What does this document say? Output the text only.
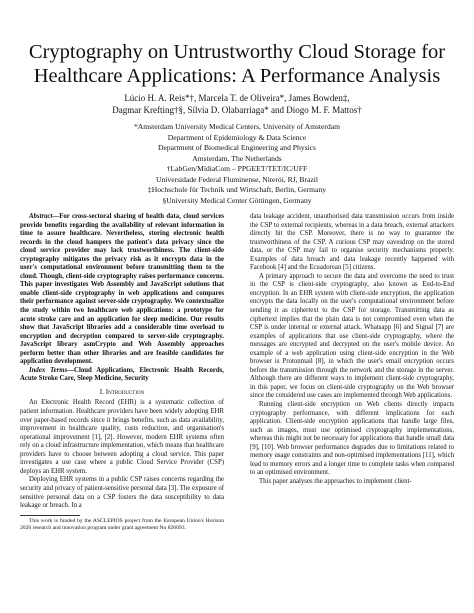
Cryptography on Untrustworthy Cloud Storage for Healthcare Applications: A Performance Analysis
Lúcio H. A. Reis*†, Marcela T. de Oliveira*, James Bowden‡,
Dagmar Krefting†§, Sílvia D. Olabarriaga* and Diogo M. F. Mattos†
*Amsterdam University Medical Centers, University of Amsterdam
Department of Epidemiology & Data Science
Department of Biomedical Engineering and Physics
Amsterdam, The Netherlands
†LabGen/MídiaCom – PPGEET/TET/IC/UFF
Universidade Federal Fluminense, Niterói, RJ, Brazil
‡Hochschule für Technik und Wirtschaft, Berlin, Germany
§University Medical Center Göttingen, Germany

Abstract—For cross-sectoral sharing of health data, cloud services provide benefits regarding the availability of relevant information in time to assure healthcare. Nevertheless, storing electronic health records in the cloud hampers the patient's data privacy since the cloud service provider may lack trustworthiness. The client-side cryptography mitigates the privacy risk as it encrypts data in the user's computational environment before transmitting them to the cloud. Though, client-side cryptography raises performance concerns. This paper investigates Web Assembly and JavaScript solutions that enable client-side cryptography in web applications and compares their performance against server-side cryptography. We contextualize the study within two healthcare web applications: a prototype for acute stroke care and an application for sleep medicine. Our results show that JavaScript libraries add a considerable time overload to encryption and decryption compared to server-side cryptography. JavaScript library asmCrypto and Web Assembly approaches perform better than other libraries and are feasible candidates for application development.

Index Terms—Cloud Applications, Electronic Health Records, Acute Stroke Care, Sleep Medicine, Security

I. Introduction

An Electronic Health Record (EHR) is a systematic collection of patient information. Healthcare providers have been widely adopting EHR over paper-based records since it brings benefits, such as data availability, improvement in healthcare quality, costs reduction, and organisation's operational improvement [1], [2]. However, modern EHR systems often rely on a cloud infrastructure implementation, which means that healthcare providers have to choose between adopting a cloud service. This paper investigates a use case where a public Cloud Service Provider (CSP) deploys an EHR system.

Deploying EHR systems in a public CSP raises concerns regarding the security and privacy of patient-sensitive personal data [3]. The exposure of sensitive personal data on a CSP fosters the data susceptibility to data leakage or breach. In a

This work is funded by the ASCLEPIOS project from the European Union's Horizon 2020 research and innovation program under grant agreement No 826093.

data leakage accident, unauthorised data transmission occurs from inside the CSP to external recipients, whereas in a data breach, external attackers directly hit the CSP. Moreover, there is no way to guarantee the trustworthiness of the CSP. A curious CSP may eavesdrop on the stored data, or the CSP may fail to organise security mechanisms properly. Examples of data breach and data leakage recently happened with Facebook [4] and the Ecuadorean [5] citizens.

A primary approach to secure the data and overcome the need to trust in the CSP is client-side cryptography, also known as End-to-End encryption. In an EHR system with client-side encryption, the application encrypts the data locally on the user's computational environment before sending it as ciphertext to the CSP for storage. Transmitting data as ciphertext implies that the plain data is not compromised even when the CSP is under internal or external attack. Whatsapp [6] and Signal [7] are examples of applications that use client-side cryptography, where the messages are encrypted and decrypted on the user's mobile device. An example of a web application using client-side encryption in the Web browser is Protonmail [8], in which the user's email encryption occurs before the transmission through the network and the storage in the server. Although there are different ways to implement client-side cryptography, in this paper, we focus on client-side cryptography on the Web browser since the considered use cases are implemented through Web applications.

Running client-side encryption on Web clients directly impacts cryptography performance, with different implications for each application. Client-side encryption applications that handle large files, such as images, must use optimised cryptography implementations, whereas this might not be necessary for applications that handle small data [9], [10]. Web browser performance degrades due to limitations related to memory usage constraints and non-optimised implementations [11], which lead to memory errors and a longer time to complete tasks when compared to an optimised environment.

This paper analyses the approaches to implement client-
